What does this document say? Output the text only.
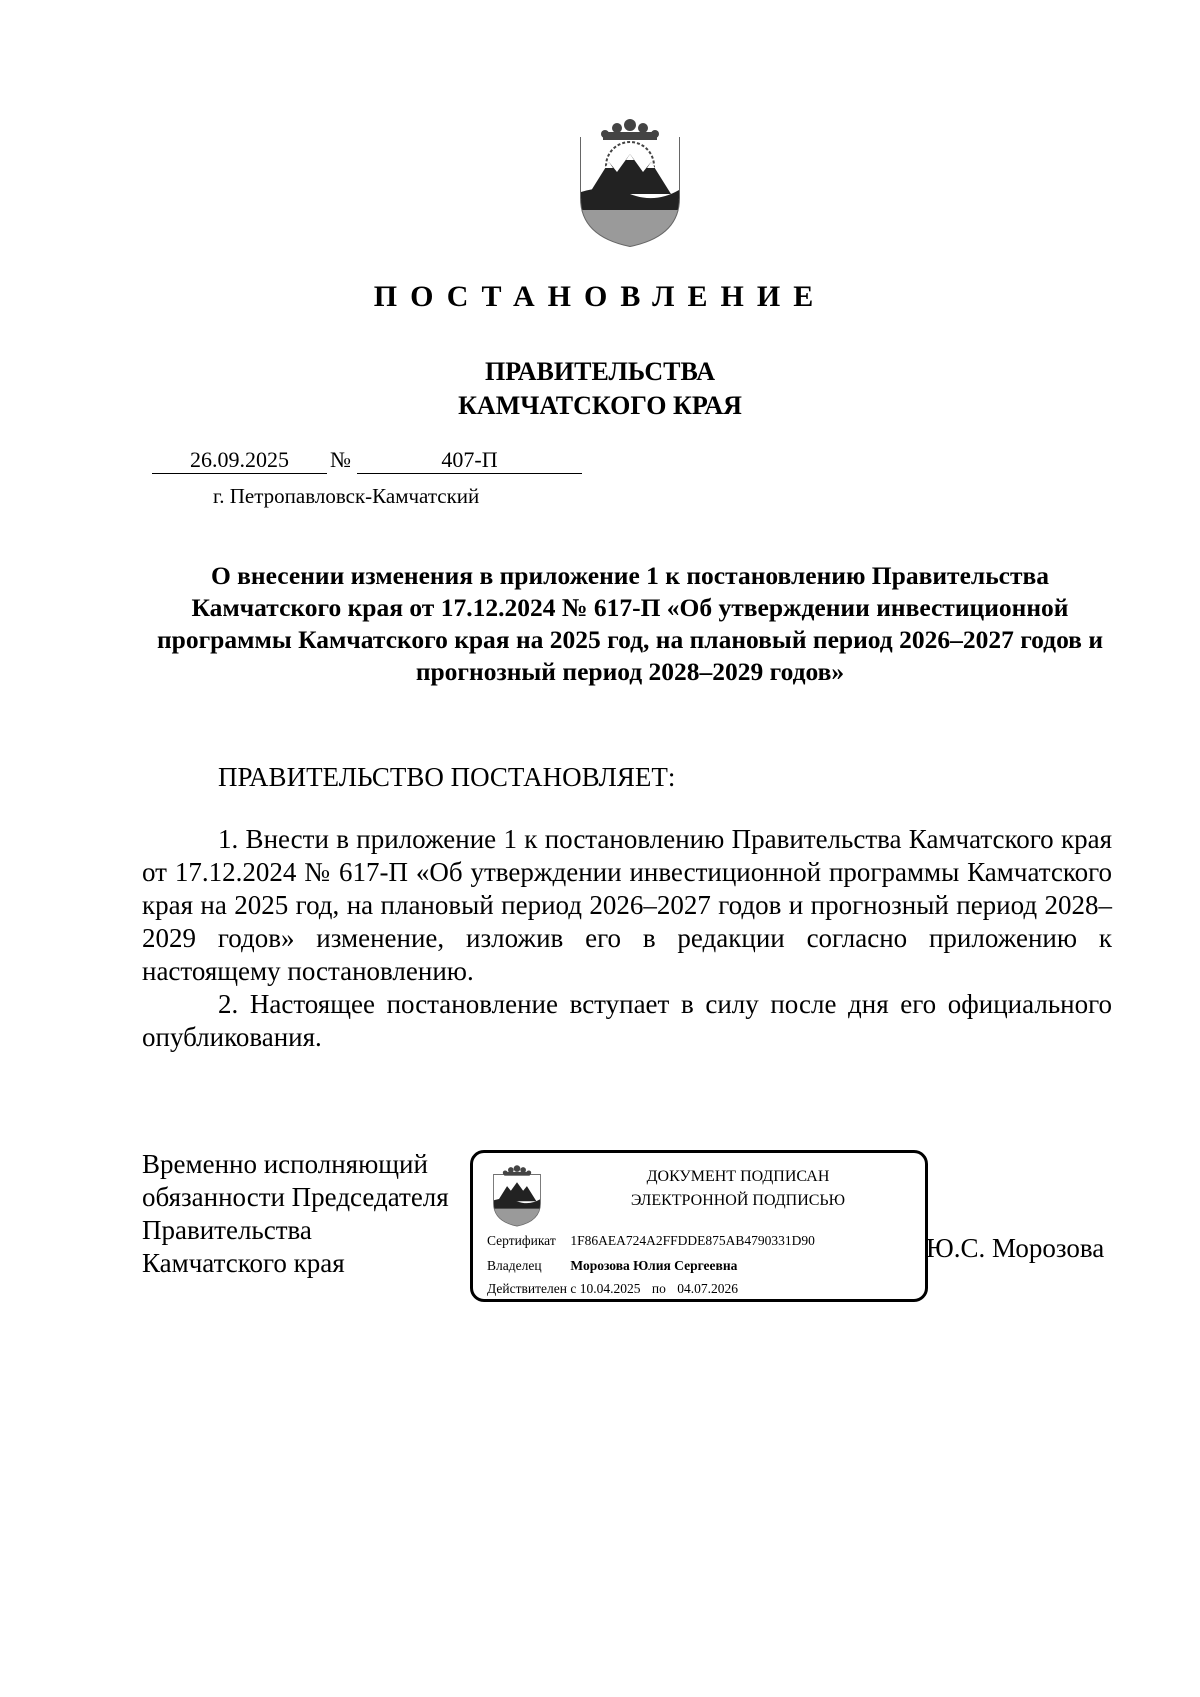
ПОСТАНОВЛЕНИЕ
ПРАВИТЕЛЬСТВА
КАМЧАТСКОГО КРАЯ
26.09.2025	№	407-П
г. Петропавловск-Камчатский
О внесении изменения в приложение 1 к постановлению Правительства Камчатского края от 17.12.2024 № 617-П «Об утверждении инвестиционной программы Камчатского края на 2025 год, на плановый период 2026–2027 годов и прогнозный период 2028–2029 годов»
ПРАВИТЕЛЬСТВО ПОСТАНОВЛЯЕТ:
1. Внести в приложение 1 к постановлению Правительства Камчатского края от 17.12.2024 № 617-П «Об утверждении инвестиционной программы Камчатского края на 2025 год, на плановый период 2026–2027 годов и прогнозный период 2028–2029 годов» изменение, изложив его в редакции согласно приложению к настоящему постановлению.
2. Настоящее постановление вступает в силу после дня его официального опубликования.
Временно исполняющий
обязанности Председателя
Правительства
Камчатского края
ДОКУМЕНТ ПОДПИСАН
ЭЛЕКТРОННОЙ ПОДПИСЬЮ
Сертификат 1F86AEA724A2FFDDE875AB4790331D90
Владелец Морозова Юлия Сергеевна
Действителен с 10.04.2025 по 04.07.2026
Ю.С. Морозова
